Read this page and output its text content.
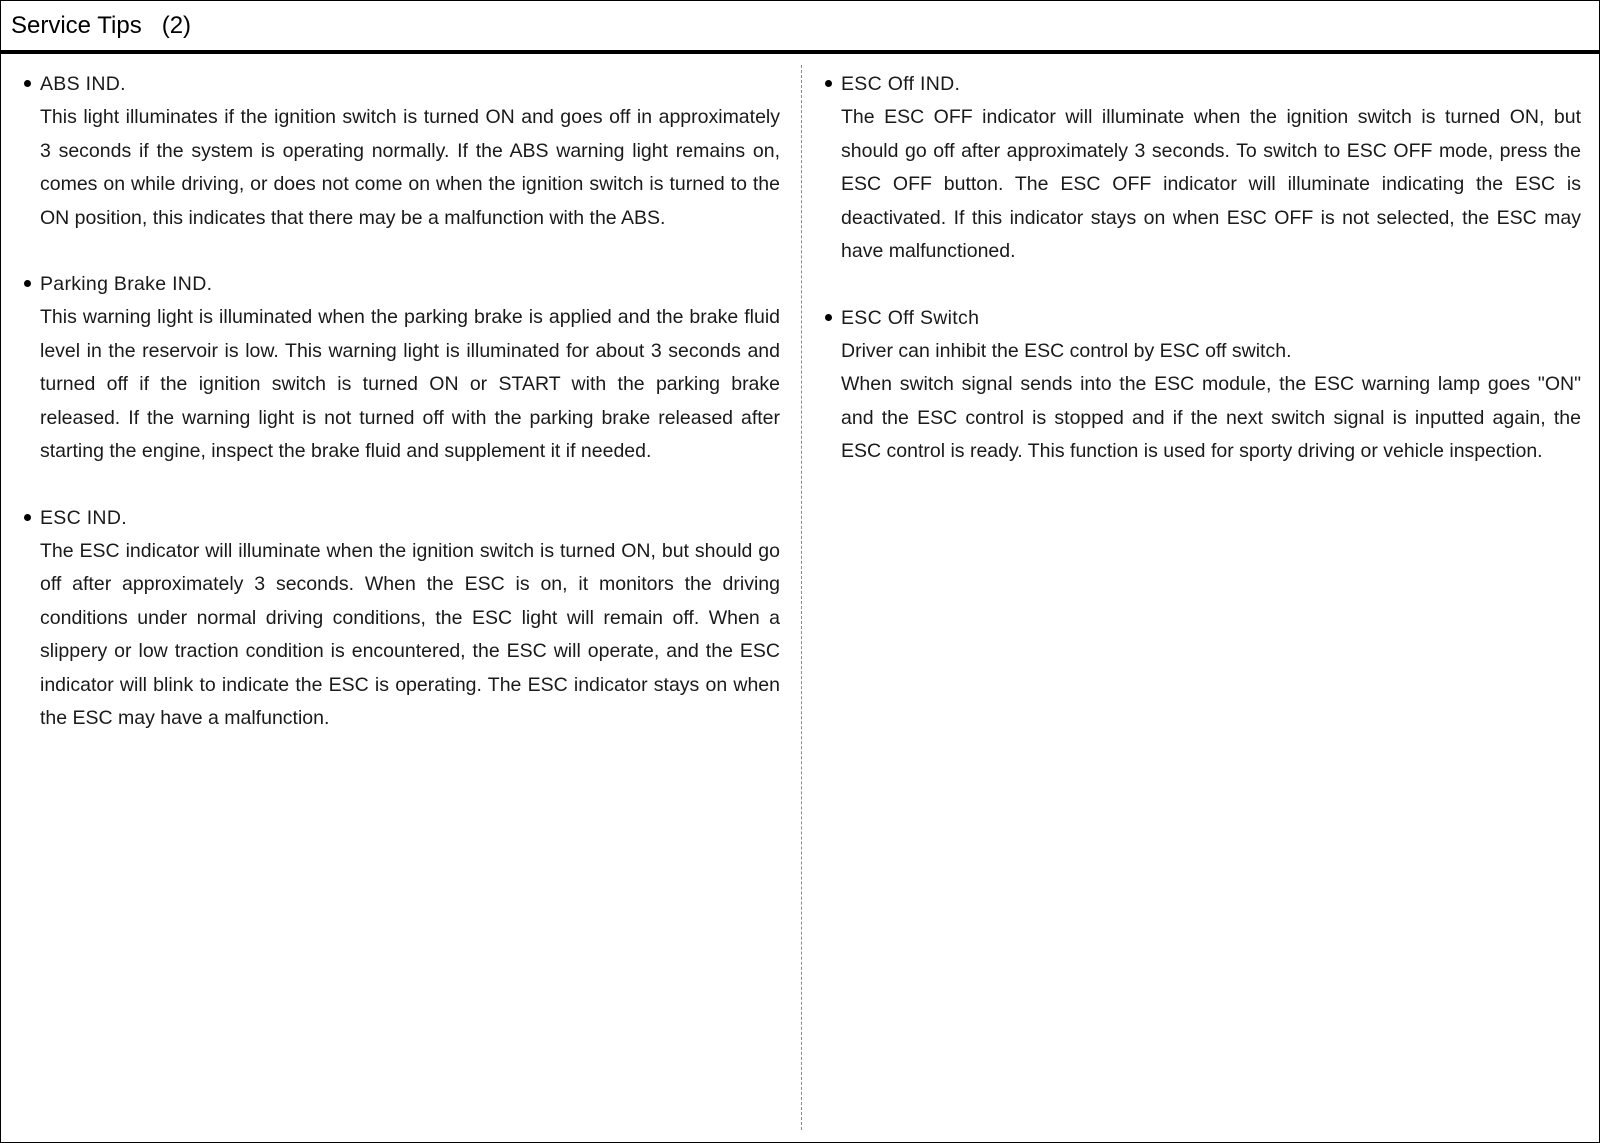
Service Tips   (2)
ABS IND.

This light illuminates if the ignition switch is turned ON and goes off in approximately 3 seconds if the system is operating normally. If the ABS warning light remains on, comes on while driving, or does not come on when the ignition switch is turned to the ON position, this indicates that there may be a malfunction with the ABS.

Parking Brake IND.

This warning light is illuminated when the parking brake is applied and the brake fluid level in the reservoir is low. This warning light is illuminated for about 3 seconds and turned off if the ignition switch is turned ON or START with the parking brake released. If the warning light is not turned off with the parking brake released after starting the engine, inspect the brake fluid and supplement it if needed.

ESC IND.

The ESC indicator will illuminate when the ignition switch is turned ON, but should go off after approximately 3 seconds. When the ESC is on, it monitors the driving conditions under normal driving conditions, the ESC light will remain off. When a slippery or low traction condition is encountered, the ESC will operate, and the ESC indicator will blink to indicate the ESC is operating. The ESC indicator stays on when the ESC may have a malfunction.

ESC Off IND.

The ESC OFF indicator will illuminate when the ignition switch is turned ON, but should go off after approximately 3 seconds. To switch to ESC OFF mode, press the ESC OFF button. The ESC OFF indicator will illuminate indicating the ESC is deactivated. If this indicator stays on when ESC OFF is not selected, the ESC may have malfunctioned.

ESC Off Switch

Driver can inhibit the ESC control by ESC off switch.

When switch signal sends into the ESC module, the ESC warning lamp goes "ON" and the ESC control is stopped and if the next switch signal is inputted again, the ESC control is ready. This function is used for sporty driving or vehicle inspection.
